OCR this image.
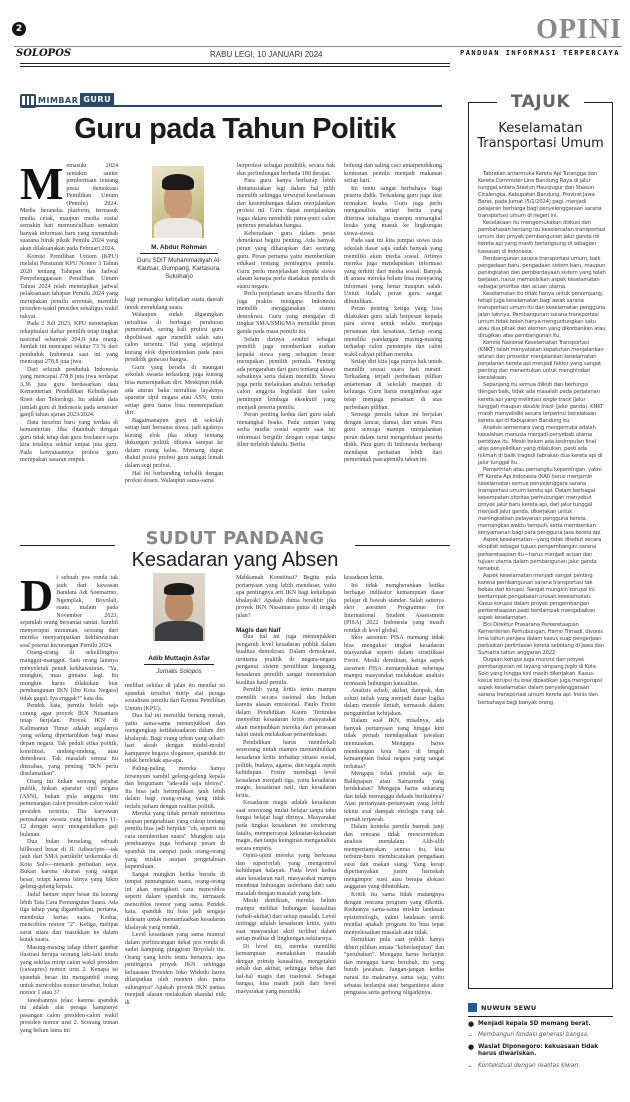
2	OPINI
SOLOPOS	RABU LEGI, 10 JANUARI 2024	PANDUAN INFORMASI TERPERCAYA
MIMBAR GURU
Guru pada Tahun Politik

Memasuki 2024 semakin santer pemberitaan tentang pesta demokrasi Pemilihan Umum (Pemilu) 2024. Media beraneka platform, termasuk media cetak, maupun media sosial semakin hari memuncullkan semakin banyak informasi baru yang menambah suasana hiruk pikuk Pemilu 2024 yang akan dilaksanakan pada Februari 2024.

Komisi Pemilihan Umum (KPU) melalui Peraturan KPU Nomor 3 Tahun 2020 tentang Tahapan dan Jadwal Penyelenggaraan Pemilihan Umum Tahun 2024 telah menetapkan jadwal pelaksanaan tahapan Pemilu 2024 yang merupakan pemilu serentak, memilih presiden-wakil presiden sekaligus wakil rakyat.

Pada 2 Juli 2023, KPU menetapkan rekapitulasi daftar pemilih tetap tingkat nasional sebanyak 204,8 juta orang. Jumlah ini mencapai sekitar 73 % dari penduduk Indonesia saat ini yang mencapai 278,8 juta jiwa.

Dari seluruh penduduk Indonesia yang mencapai 278,8 juta jiwa terdapat 3,36 juta guru berdasarkan data Kementerian Pendidikan Kebudayaan Riset dan Teknologi. Itu adalah data jumlah guru di Indonesia pada semester ganjil tahun ajaran 2023/2024.

Data tersebut baru yang terdata di kementerian. Jika ditambah dengan guru tidak tetap dan guru freelance saya kira totalnya sekitar empat juta guru. Pada kenyataannya profesi guru merupakan sasaran empuk

M. Abdur Rohman
Guru SDIT Muhammadiyah Al-Kautsar, Gumpang, Kartasura, Sukoharjo

bagi pemangku kebijakan suatu daerah untuk mendulang suara.

Walaupun sudah digaungkan netralitas di berbagai peraturan pemerintah, sering kali profesi guru dipolitisasi agar memilih salah satu calon tertentu. Hal yang sejatinya kurang elok dipertontonkan pada para pendidik generasi bangsa.

Guru yang berada di naungan sekolah swasta terkadang juga kurang bisa menempatkan diri. Meskipun tidak ada aturan baku netralitas layaknya aparatur sipil negara atau ASN, tentu setiap guru harus bisa menempatkan diri.

Bagaimanapun guru di sekolah setiap hari bersama siswa, jadi agaknya kurang elok jika sikap tentang dukungan politik dibawa sampai ke dalam ruang kelas. Memang dapat diakui posisi profesi guru sangat lemah dalam segi profesi.

Hal ini berbanding terbalik dengan profesi dosen. Walaupun sama-sama

berprofesi sebagai pendidik, secara hak dan perlindungan berbeda 180 derajat.

Para guru hanya berharap lebih dimanusiakan lagi dalam hal pilih memilih sehingga terwujud keselarasan dan keseimbangan dalam menjalankan profesi ini. Guru dapat menjalankan tugas dalam mendidik putra-putri calon penerus peradaban bangsa.

Keberadaan guru dalam pesta demokrasi begitu penting. Ada banyak peran yang diharapkan dari seorang guru. Peran pertama yaitu memberikan edukasi tentang pentingnya pemilu. Guru perlu menjelaskan kepada siswa alasan kenapa perlu diadakan pemilu di suatu negara.

Perlu penjelasan secara filosofis dan juga praktis mengapa Indonesia memilih menggunakan sistem demokrasi. Guru yang mengajar di tingkat SMA/SMK/MA memiliki peran ganda pada masa pemilu ini.

Selain dirinya sendiri sebagai pemilih juga memberikan arahan kepada siswa yang sebagian besar merupakan pemilih pemula. Penting ada pengarahan dari guru tentang alasan sebaiknya serta dalam memilih. Siswa juga perlu melakukan analisis terhadap calon anggota legislatif dan calon pemimpin lembaga eksekutif yang menjadi peserta pemilu.

Peran penting kedua dari guru ialah menangkal hoaks. Pada zaman yang serba media sosial seperti saat ini informasi bergulir dengan cepat tanpa filter terlebih dahulu. Berita

bohong dan saling caci antarpendukung kontestan pemilu menjadi makanan setiap hari.

Ini tentu sangat berbahaya bagi peserta didik. Terkadang guru juga ikut termakan hoaks. Guru juga perlu menganalisis setiap berita yang diterima sekaligus mampu menangkal hoaks yang masuk ke lingkungan siswa-siswa.

Pada saat ini kita jumpai siswa usia sekolah dasar saja sudah banyak yang memiliki akun media sosial. Artinya mereka juga mendapatkan informasi yang terkini dari media sosial. Banyak di antara mereka belum bisa menyaring informasi yang benar maupun salah. Untuk itulah, peran guru sangat dibutuhkan.

Peran penting ketiga yang bisa dilakukan guru ialah berpesan kepada para siswa untuk selalu menjaga persatuan dan kesatuan. Setiap orang memiliki pandangan masing-masing terhadap calon pemimpin dan calon wakil rakyat pilihan mereka.

Setiap diri kita juga punya hak untuk memilih sesuai suara hati nurani. Terkadang terjadi perbedaan pilihan antarteman di sekolah maupun di keluarga. Guru harus mengimbau agar tetap menjaga persatuan di atas perbedaan pilihan.

Semoga pemilu tahun ini berjalan dengan lancar, damai, dan aman. Para guru semoga mampu menjalankan peran dalam turut mengedukasi peserta didik. Para guru di Indonesia berharap mendapat perhatian lebih dari pemerintah pascapemilu tahun ini.

SUDUT PANDANG
Kesadaran yang Absen

Di sebuah pos ronda tak jauh dari kawasan Bandara Adi Soemarmo, Ngemplak, Boyolali, suatu malam pada November 2023, sejumlah orang bersantai santai. Sambil menyeruput minuman, seorang dari mereka menyampaikan kekhawatiran soal potensi kecurangan Pemilu 2024.

Orang-orang di sekelilingnya manggut-manggut. Satu orang lainnya menyeletuk penuh kekhawatiran. "Ya, mungkin, mau gimana lagi. Itu mungkin harus dilakukan biar pembangunan IKN [Ibu Kota Negara] tidak gagal. Iya enggak?" kata dia.

Pendek kata, pemilu boleh saja curang agar proyek IKN Nusantara tetap berjalan. Proyek IKN di Kalimantan Timur adalah segalanya yang sedang dipertaruhkan bagi masa depan negara. Tak peduli etika politik, konstitusi, undang-undang, atau demokrasi. Tak masalah semua itu diterabas, yang penting "IKN perlu diselamatkan".

Orang ini bukan seorang pejabat publik, bukan aparatur sipil negara (ASN), bukan pula anggota tim pemenangan calon presiden-calon wakil presiden tertentu. Dia karyawan perusahaan swasta yang hidupnya 11-12 dengan saya: mengandalkan gaji bulanan.

Dua bulan berselang, sebuah billboard besar di Jl. Adisucipto—tak jauh dari SMA partikelir terkemuka di Kota Solo—menarik perhatian saya. Bukan karena ukuran yang sangat besar, tetapi karena isinya yang bikin geleng-geleng kepala.

Judul banner super besar itu kurang lebih Tata Cara Pemungutan Suara. Ada tiga tahap yang digambarkan, pertama, membuka kertas suara. Kedua, mencoblos nomor "2". Ketiga, melipat surat suara dan masukkan ke dalam kotak suara.

Masing-masing tahap diberi gambar ilustrasi berupa seorang laki-laki muda yang sekilas mirip calon wakil presiden (cawapres) nomor urut 2. Kenapa isi spanduk besar itu mengambil orang untuk mencoblos nomor tersebut, bukan nomor 1 atau 3?

Jawabannya jelas: karena spanduk itu adalah alat peraga kampanye pasangan calon presiden-calon wakil presiden nomor urut 2. Seorang teman yang belum lama ini

Adib Muttaqin Asfar
Jurnalis Solopos

melihat sekilas di jalan itu menilai isi spanduk tersebut mirip alat peraga sosialisasi pemilu dari Komisi Pemilihan Umum (KPU).

Dua hal ini memiliki benang merah, yaitu sama-sama menunjukkan dan mengungkap ketidaksadaran dalam diri khalayak. Bagi orang urban yang sehari-hari akrab dengan model-model kampanye begaya sloganeer, spanduk itu tidak bereletak apa-apa.

Paling-paling mereka hanya tersenyum sambil geleng-geleng kepala dan bergumam "ada-ada saja idenya". Itu bisa jadi berimplikasi jauh lebih dalam bagi orang-orang yang tidak terlalu paham dengan realitas politik.

Mereka yang tidak pernah menerima asupan pengetahuan yang cukup tentang pemilu bisa jadi berpikir "oh, seperti ini cara memberikan suara". Mungkin saja pembuatnya juga berharap pesan di spanduk itu sampai pada orang-orang yang miskin asupan pengetahuan kepemiluan.

Sangat mungkin ketika berada di tempat pemungutan suara, orang-orang ini akan mengikuti cara mencoblos seperti dalam spanduk itu, termasuk mencoblos nomor yang sama. Pendek kata, spanduk itu bisa jadi sengaja didesain untuk memanfaatkan kesadaran khalayak yang rendah.

Level kesadaran yang sama muncul dalam perbincangan dekat pos ronda di sudut kampung pinggiran Boyolali itu. Orang yang kritis tentu bertanya: apa pentingnya proyek IKN sehingga keluasaan Presiden Joko Widodo harus dilanjutkan oleh menteri dan putra sulungnya? Apakah proyek IKN pantas menjadi alasan melakukan skandal etik di

Mahkamah Konstitusi? Begitu pula pertanyaan yang lebih mendasar, yaitu apa pentingnya arti IKN bagi kehidupan khalayak? Apakah dunia berakhir jika proyek IKN Nusantara putus di tengah jalan?

Magis dan Naif

Dua hal ini juga menunjukkan pengaruh level kesadaran publik dalam kualitas demokrasi. Dalam demokrasi, terutama praktik di negara-negara penganut sistem pemilihan langsung, kesadaran pemilih sangat menentukan kualitas hasil pemilu.

Pemilih yang kritis tentu mampu memilih secara rasional dan bukan karena alasan emosional. Paulo Freire dalam Pendidikan Kaum Tertindas menyebut kesadaran kritis masyarakat akan menjauhkan mereka dari perasaan takut untuk melakukan pemerdekaan.

Pendidikan harus membekali seseorang untuk mampu menumbuhkan kesadaran kritis terhadap situasi sosial, politik, budaya, agama, dan segala aspek kehidupan. Freire membagi level kesadaran menjadi tiga, yaitu kesadaran magis, kesadaran naif, dan kesadaran kritis.

Kesadaran magis adalah kesadaran saat seseorang mulai belajar tanpa tahu fungsi belajar bagi dirinya. Masyarakat pada tingkat kesadaran ini cenderung fatalis, mempercayai kekuatan-kekuatan magis, dan tanpa keinginan menganalisis secara empiris.

Opini-opini mereka yang berkuasa dan superiorlah yang mengontrol kehidupan halayak. Pada level kedua atau kesadaran naif, masyarakat mampu membuat hubungan sederhana dari satu masalah dengan masalah yang lain.

Meski demikian, mereka belum mampu melihat hubungan kausalitas (sebab-akibat) dari setiap masalah. Level tertinggi adalah kesadaran kritis, yaitu saat masyarakat aktif terlibat dalam setiap realitas di lingkungan sekitarnya.

Di level ini, mereka memiliki kemampuan menaksikan masalah dengan prinsip kausalitas, mengetahui sebab dan akibat, sehingga bebas dari hal-hal magis dan irasional. Sebagai bangsa, kita masih jauh dari level masyarakat yang memiliki

kesadaran kritis.

Ini tidak mengherankan ketika berbagai indikator kemampuan dasar pelajar di bawah standar. Salah satunya skor asesmen Programme for International Student Assessment (PISA) 2022 Indonesia yang masih rendah di level global.

Skor asesmen PISA memang tidak bisa mengukur tingkat kesadaran masyarakat seperti dalam stratifikasi Freire. Meski demikian, ketiga aspek asesmen PISA menunjukkan seberapa mampu masyarakat melakukan analisis termasuk hubungan kausalitas.

Analisis sebab, akibat, dampak, dan solusi inilah yang menjadi dasar logika dalam metode ilmiah, termasuk dalam pengambilan kebijakan.

Dalam soal IKN, misalnya, ada banyak pertanyaan yang hingga kini tidak pernah mendapatkan jawaban memuaskan. Mengapa harus membangun kota baru di tengah kemampuan fiskal negara yang sangat terbatas?

Mengapa tidak pindah saja ke Balikpapan atau Samarinda yang berdekatan? Mengapa harus sekarang dan tidak menunggu dekade berikutnya? Atau pertanyaan-pertanyaan yang lebih teknis soal dampak ekologis yang tak pernah terjawab.

Dalam konteks pemilu banyak janji dan rencana tidak mencerminkan analisis mendalam. Alih-alih mempertanyakan semua itu, kita terburu-buru membicarakan pengadaan susu dan makan siang. Yang kerap dipertanyakan justru haruskah mengimpor susu atau berapa alokasi anggaran yang dibutuhkan.

Kritik itu sama tidak matangnya dengan rencana program yang dikritik. Keduanya sama-sama miskin landasan epistemologis, yakni landasan untuk menilai apakah program itu bisa tepat menyelesaikan masalah atau tidak.

Demikian pula saat publik hanya diberi pilihan antara "keberlanjutan" dan "perubahan". Mengapa harus berlanjut dan mengapa harus berubah, itu yang butuh jawaban. Jangan-jangan kedua narasi itu maknanya sama saja, yaitu sebatas berlanjut atau bergantinya aktor penguasa serta gerbong oligarkinya.

TAJUK
Keselamatan Transportasi Umum

Tabrakan antarmuka Kereta Api Turangga dan Kereta Commuter Line Bandung Raya di jalur tunggal antara Stasiun Haurpugur dan Stasiun Cicalengka, Kabupaten Bandung, Provinsi Jawa Barat, pada Jumat (5/1/2024) pagi, menjadi pelajaran berharga bagi penyelenggaraan sarana transportasi umum di negeri ini.

Kecelakaan itu mengemukakan diskusi dan pembahasan tentang isu keselamatan transportasi umum dan proyek pembangunan jalur ganda rel kereta api yang masih berlangsung di sebagian kawasan di Indonesia.

Pembangunan sarana transportasi umum, baik pengadaan baru, pengadaan sistem baru, maupun peningkatan dan pemberdayaan sistem yang telah berjalan, harus memosisikan aspek keselamatan sebagai prioritas dan acuan utama.

Keselamatan itu tidak hanya untuk penumpang, tetapi juga keselamatan bagi awak sarana transportasi umum itu dan keselamatan pengguna jalan lainnya. Pembangunan sarana transportasi umum tidak boleh hanya menguntungkan satu atau dua pihak dan elemen yang dikorbankan atau dirugikan atas pembangunan itu.

Komite Nasional Keselamatan Transportasi (KNKT) telah menyatakan kepatuhan menjalankan aturan dan prosedur menjalankan keselamatan perjalanan kereta api menjadi faktor yang sangat penting dan menentukan untuk menghindari kecelakaan.

Sepanjang itu semua diikuti dan berfungsi dengan baik, tidak ada masalah pada perjalanan kereta api yang melintasi single track (jalur tunggal) maupun double track (jalur ganda). KNKT masih menyelidiki secara terperinci kecelakaan kereta api di Kabupaten Bandung itu.

Analisis sementara yang mengemuka adalah kesalahan manusia menjadi penyebab utama peristiwa itu. Meski belum ada kesimpulan final atas penyelidikan yang dilakukan, pasti ada hikmah di balik tragedi tabrakan dua kereta api di jalur tunggal itu.

Pemerintah atau pemangku kepentingan, yakni PT Kereta Api Indonesia (KAI) harus menjamin keselamatan semua penyelenggara sarana transportasi umum kereta api. Dalam berbagai kesempatan otoritas perhubungan menyebut proyek jalur baru kereta api, dari jalur tunggal menjadi jalur ganda, dikerjakan untuk meningkatkan pelayanan pengguna kereta, memangkas waktu tempuh, serta memberikan kenyamanan bagi para pengguna jasa kereta api.

Aspek keselamatan—yang tidak disebut secara eksplisit sebagai tujuan pengembangan sarana perkeretaapian itu—harus menjadi acuan dan tujuan utama dalam pembangunan jalur ganda tersebut.

Aspek keselamatan menjadi sangat penting karena pembangunan sarana transportasi tak bebas dari korupsi. Sangat mungkin korupsi ini berdampak pengabaian urusan keselamatan. Kasus korupsi dalam proyek pengembangan perkeretaapian pasti berdampak mengabaikan aspek keselamatan.

Eks Direktur Prasarana Perkeretaapian Kementerian Perhubungan, Harno Trimadi, divonis lima tahun penjara dalam kasus suap pengerjaan perbaikan perlintasan kereta sebidang di Jawa dan Sumatra tahun anggaran 2022.

Dugaan korupsi juga muncul dari proyek pembangunan rel layang simpang Joglo di Kota Solo yang hingga kini masih dikerjakan. Kasus-kasus korupsi itu bisa dipastikan juga mengorupsi aspek keselamatan dalam penyelenggaraan sarana transportasi umum kereta api. Ironis dan berbahaya bagi banyak orang.

NUWUN SEWU
● Menjadi kepala SD memang berat.
–	Membangun fondasi generasi bangsa.
● Wasiat Diponegoro: kekuasaan tidak harus diwariskan.
–	Kontekstual dengan realitas kiwari.
